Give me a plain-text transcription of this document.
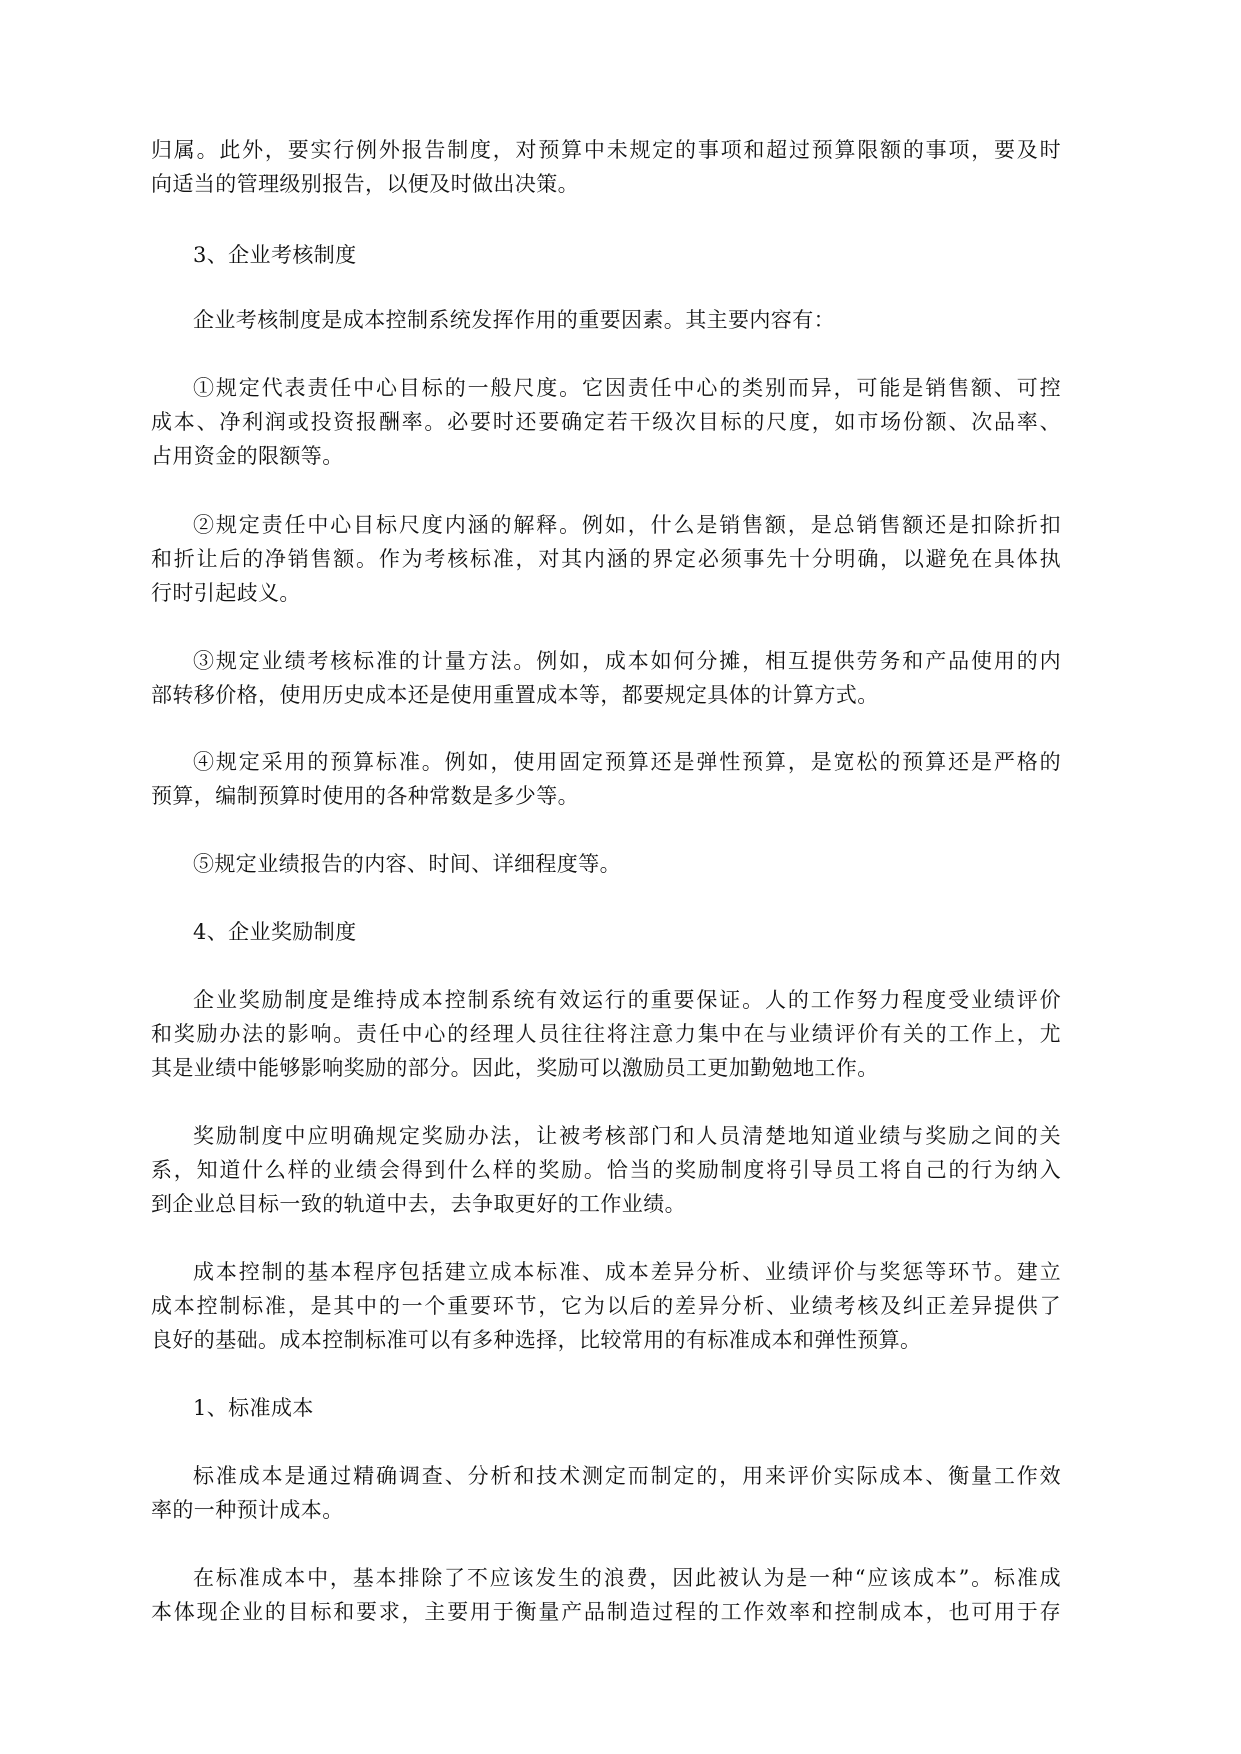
归属。此外，要实行例外报告制度，对预算中未规定的事项和超过预算限额的事项，要及时
向适当的管理级别报告，以便及时做出决策。
3、企业考核制度
企业考核制度是成本控制系统发挥作用的重要因素。其主要内容有：
①规定代表责任中心目标的一般尺度。它因责任中心的类别而异，可能是销售额、可控
成本、净利润或投资报酬率。必要时还要确定若干级次目标的尺度，如市场份额、次品率、
占用资金的限额等。
②规定责任中心目标尺度内涵的解释。例如，什么是销售额，是总销售额还是扣除折扣
和折让后的净销售额。作为考核标准，对其内涵的界定必须事先十分明确，以避免在具体执
行时引起歧义。
③规定业绩考核标准的计量方法。例如，成本如何分摊，相互提供劳务和产品使用的内
部转移价格，使用历史成本还是使用重置成本等，都要规定具体的计算方式。
④规定采用的预算标准。例如，使用固定预算还是弹性预算，是宽松的预算还是严格的
预算，编制预算时使用的各种常数是多少等。
⑤规定业绩报告的内容、时间、详细程度等。
4、企业奖励制度
企业奖励制度是维持成本控制系统有效运行的重要保证。人的工作努力程度受业绩评价
和奖励办法的影响。责任中心的经理人员往往将注意力集中在与业绩评价有关的工作上，尤
其是业绩中能够影响奖励的部分。因此，奖励可以激励员工更加勤勉地工作。
奖励制度中应明确规定奖励办法，让被考核部门和人员清楚地知道业绩与奖励之间的关
系，知道什么样的业绩会得到什么样的奖励。恰当的奖励制度将引导员工将自己的行为纳入
到企业总目标一致的轨道中去，去争取更好的工作业绩。
成本控制的基本程序包括建立成本标准、成本差异分析、业绩评价与奖惩等环节。建立
成本控制标准，是其中的一个重要环节，它为以后的差异分析、业绩考核及纠正差异提供了
良好的基础。成本控制标准可以有多种选择，比较常用的有标准成本和弹性预算。
1、标准成本
标准成本是通过精确调查、分析和技术测定而制定的，用来评价实际成本、衡量工作效
率的一种预计成本。
在标准成本中，基本排除了不应该发生的浪费，因此被认为是一种“应该成本”。标准成
本体现企业的目标和要求，主要用于衡量产品制造过程的工作效率和控制成本，也可用于存
